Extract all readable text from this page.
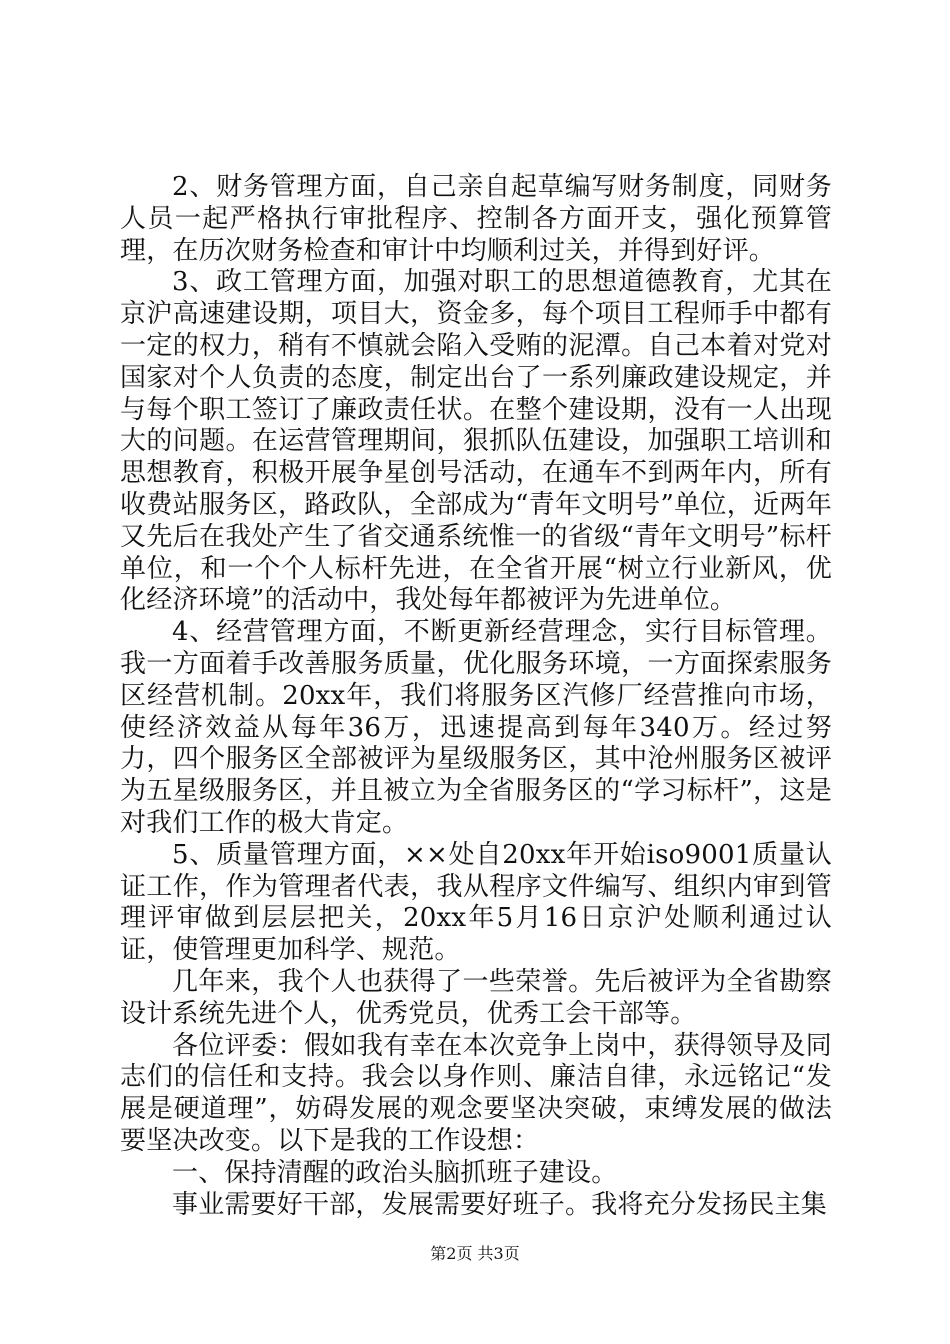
2、财务管理方面，自己亲自起草编写财务制度，同财务人员一起严格执行审批程序、控制各方面开支，强化预算管理，在历次财务检查和审计中均顺利过关，并得到好评。

3、政工管理方面，加强对职工的思想道德教育，尤其在京沪高速建设期，项目大，资金多，每个项目工程师手中都有一定的权力，稍有不慎就会陷入受贿的泥潭。自己本着对党对国家对个人负责的态度，制定出台了一系列廉政建设规定，并与每个职工签订了廉政责任状。在整个建设期，没有一人出现大的问题。在运营管理期间，狠抓队伍建设，加强职工培训和思想教育，积极开展争星创号活动，在通车不到两年内，所有收费站服务区，路政队，全部成为“青年文明号”单位，近两年又先后在我处产生了省交通系统惟一的省级“青年文明号”标杆单位，和一个个人标杆先进，在全省开展“树立行业新风，优化经济环境”的活动中，我处每年都被评为先进单位。

4、经营管理方面，不断更新经营理念，实行目标管理。我一方面着手改善服务质量，优化服务环境，一方面探索服务区经营机制。20xx年，我们将服务区汽修厂经营推向市场，使经济效益从每年36万，迅速提高到每年340万。经过努力，四个服务区全部被评为星级服务区，其中沧州服务区被评为五星级服务区，并且被立为全省服务区的“学习标杆”，这是对我们工作的极大肯定。

5、质量管理方面，××处自20xx年开始iso9001质量认证工作，作为管理者代表，我从程序文件编写、组织内审到管理评审做到层层把关，20xx年5月16日京沪处顺利通过认证，使管理更加科学、规范。

几年来，我个人也获得了一些荣誉。先后被评为全省勘察设计系统先进个人，优秀党员，优秀工会干部等。

各位评委：假如我有幸在本次竞争上岗中，获得领导及同志们的信任和支持。我会以身作则、廉洁自律，永远铭记“发展是硬道理”，妨碍发展的观念要坚决突破，束缚发展的做法要坚决改变。以下是我的工作设想：

一、保持清醒的政治头脑抓班子建设。

事业需要好干部，发展需要好班子。我将充分发扬民主集

第2页 共3页
